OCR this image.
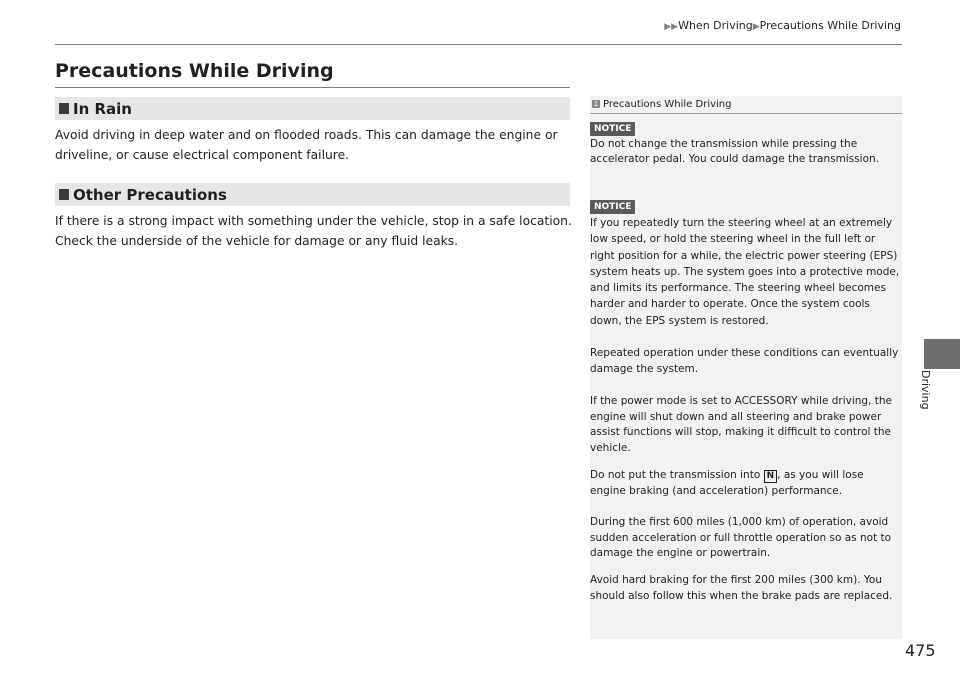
▶▶When Driving▶Precautions While Driving
Precautions While Driving
In Rain

Avoid driving in deep water and on flooded roads. This can damage the engine or
driveline, or cause electrical component failure.

Other Precautions

If there is a strong impact with something under the vehicle, stop in a safe location.
Check the underside of the vehicle for damage or any fluid leaks.

1 Precautions While Driving
NOTICE

Do not change the transmission while pressing the accelerator pedal. You could damage the transmission.

NOTICE

If you repeatedly turn the steering wheel at an extremely low speed, or hold the steering wheel in the full left or right position for a while, the electric power steering (EPS) system heats up. The system goes into a protective mode, and limits its performance. The steering wheel becomes harder and harder to operate. Once the system cools down, the EPS system is restored.

Repeated operation under these conditions can eventually damage the system.

If the power mode is set to ACCESSORY while driving, the engine will shut down and all steering and brake power assist functions will stop, making it difficult to control the vehicle.

Do not put the transmission into N , as you will lose engine braking (and acceleration) performance.

During the first 600 miles (1,000 km) of operation, avoid sudden acceleration or full throttle operation so as not to damage the engine or powertrain.

Avoid hard braking for the first 200 miles (300 km). You should also follow this when the brake pads are replaced.

Driving
475
